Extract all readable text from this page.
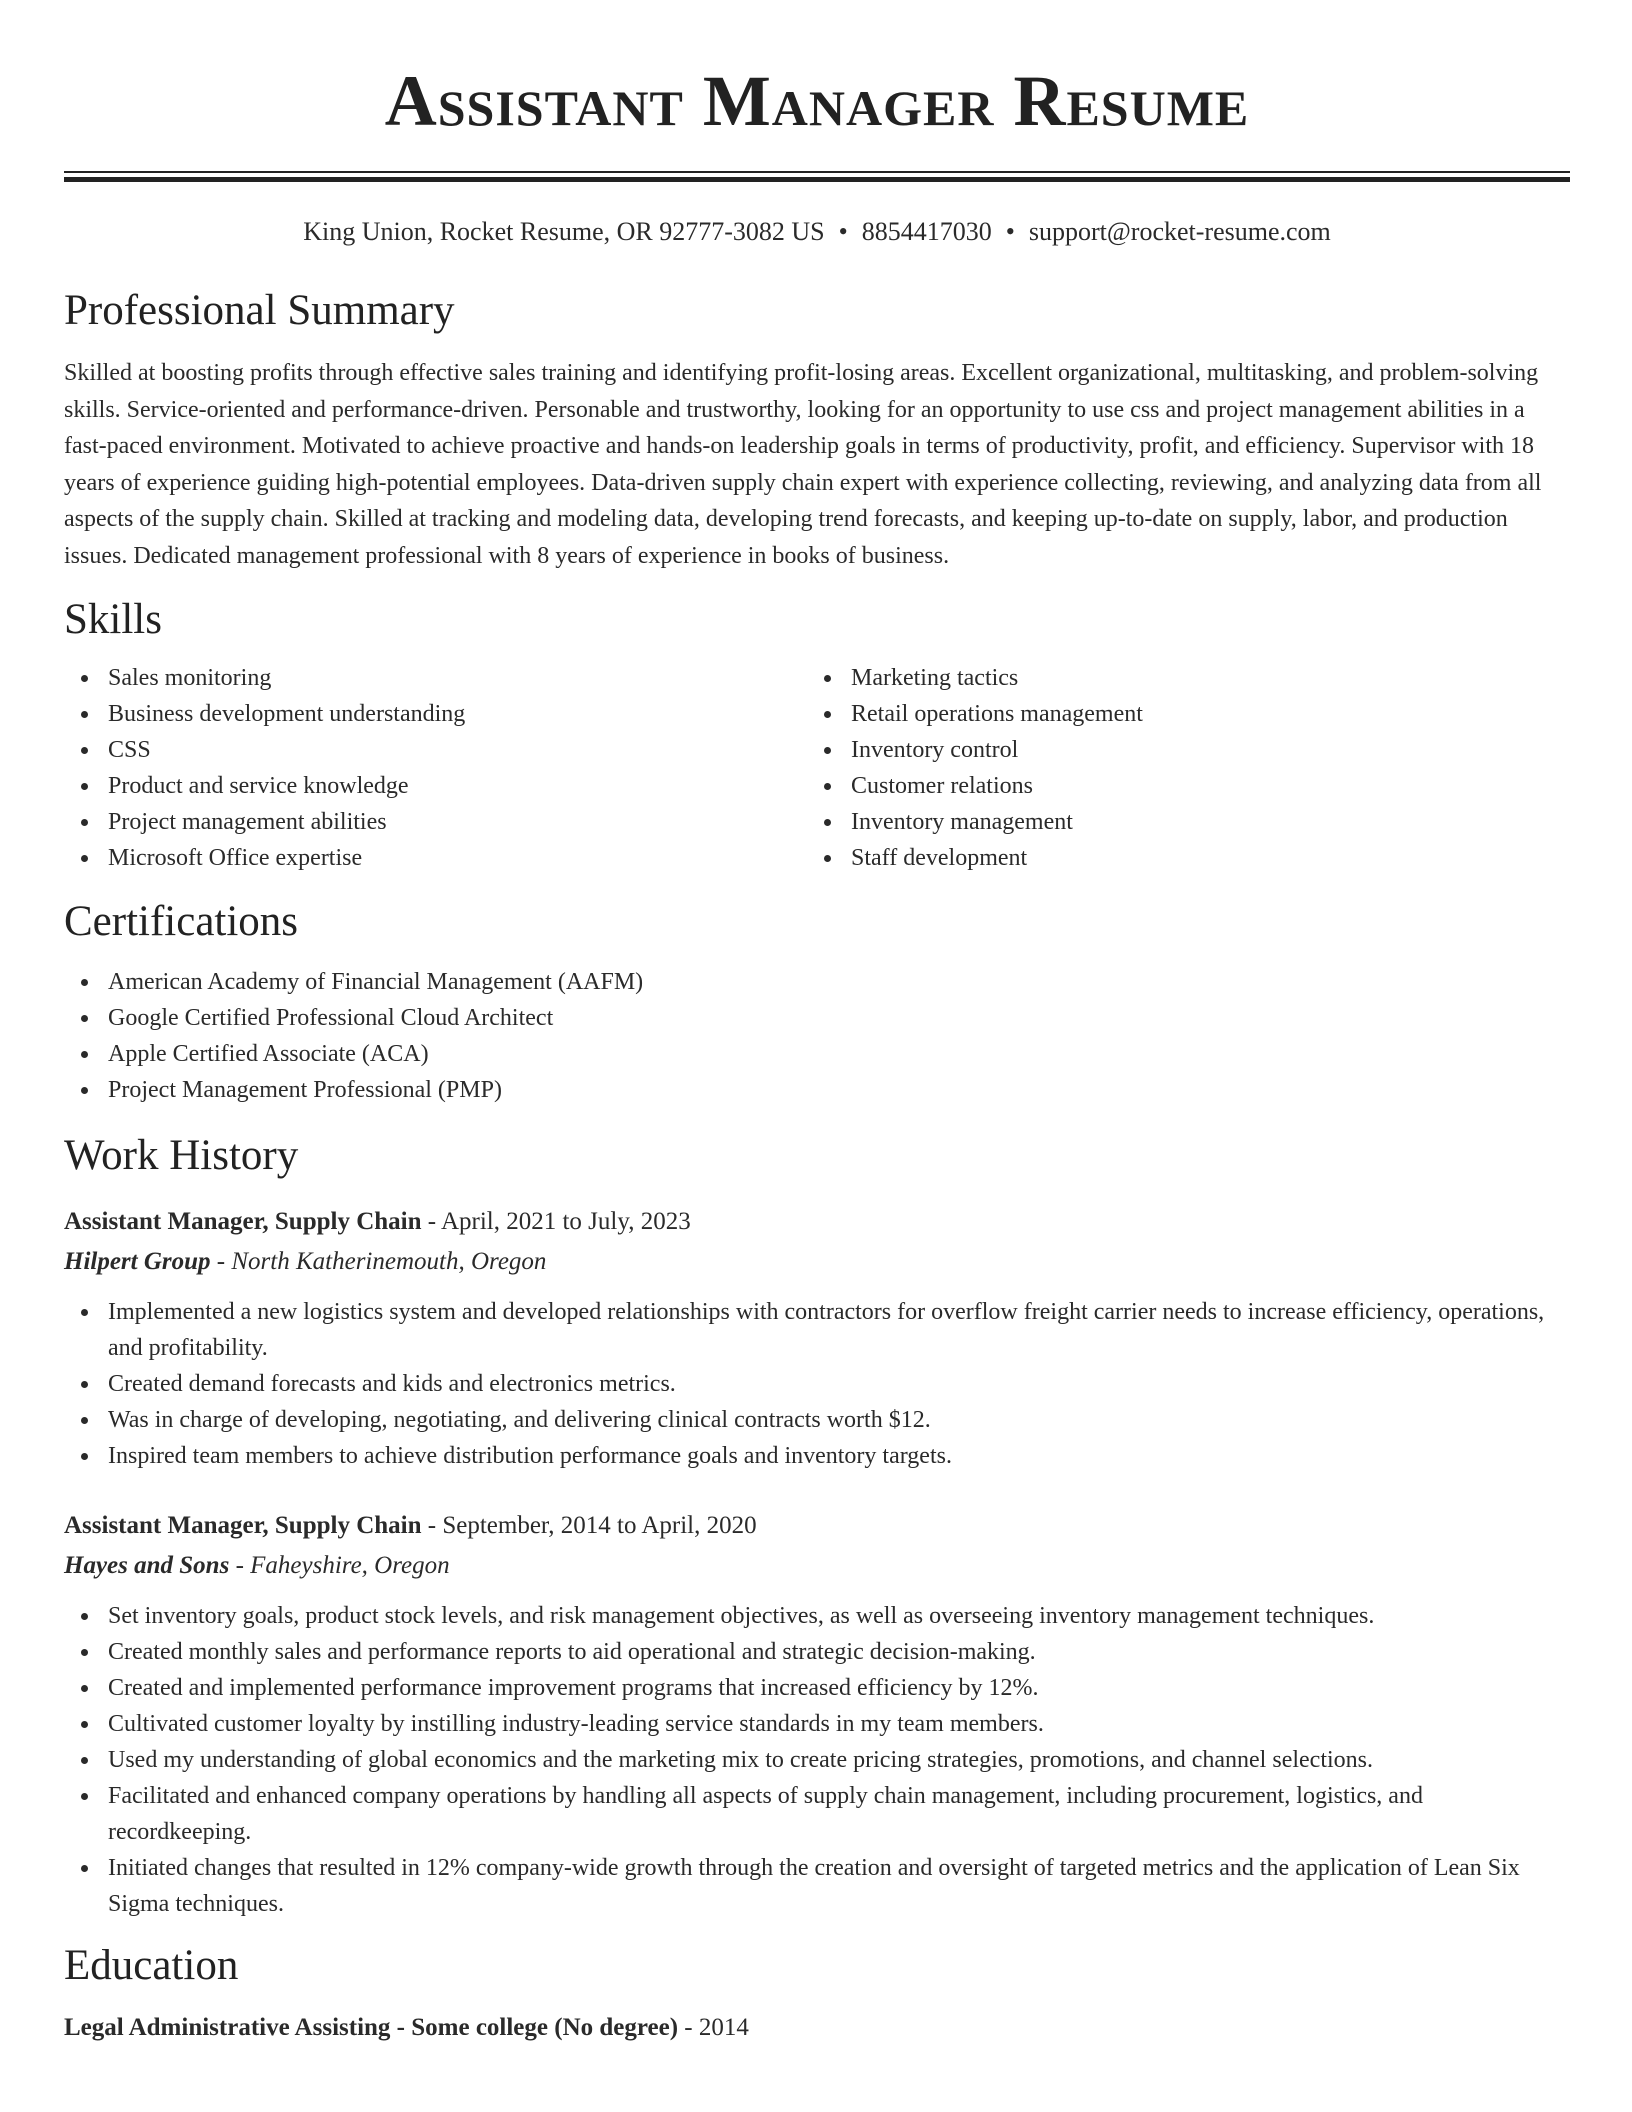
Assistant Manager Resume
King Union, Rocket Resume, OR 92777-3082 US • 8854417030 • support@rocket-resume.com
Professional Summary

Skilled at boosting profits through effective sales training and identifying profit-losing areas. Excellent organizational, multitasking, and problem-solving skills. Service-oriented and performance-driven. Personable and trustworthy, looking for an opportunity to use css and project management abilities in a fast-paced environment. Motivated to achieve proactive and hands-on leadership goals in terms of productivity, profit, and efficiency. Supervisor with 18 years of experience guiding high-potential employees. Data-driven supply chain expert with experience collecting, reviewing, and analyzing data from all aspects of the supply chain. Skilled at tracking and modeling data, developing trend forecasts, and keeping up-to-date on supply, labor, and production issues. Dedicated management professional with 8 years of experience in books of business.

Skills
Sales monitoring
Business development understanding
CSS
Product and service knowledge
Project management abilities
Microsoft Office expertise
Marketing tactics
Retail operations management
Inventory control
Customer relations
Inventory management
Staff development
Certifications
American Academy of Financial Management (AAFM)
Google Certified Professional Cloud Architect
Apple Certified Associate (ACA)
Project Management Professional (PMP)
Work History
Assistant Manager, Supply Chain - April, 2021 to July, 2023
Hilpert Group - North Katherinemouth, Oregon
Implemented a new logistics system and developed relationships with contractors for overflow freight carrier needs to increase efficiency, operations, and profitability.
Created demand forecasts and kids and electronics metrics.
Was in charge of developing, negotiating, and delivering clinical contracts worth $12.
Inspired team members to achieve distribution performance goals and inventory targets.
Assistant Manager, Supply Chain - September, 2014 to April, 2020
Hayes and Sons - Faheyshire, Oregon
Set inventory goals, product stock levels, and risk management objectives, as well as overseeing inventory management techniques.
Created monthly sales and performance reports to aid operational and strategic decision-making.
Created and implemented performance improvement programs that increased efficiency by 12%.
Cultivated customer loyalty by instilling industry-leading service standards in my team members.
Used my understanding of global economics and the marketing mix to create pricing strategies, promotions, and channel selections.
Facilitated and enhanced company operations by handling all aspects of supply chain management, including procurement, logistics, and recordkeeping.
Initiated changes that resulted in 12% company-wide growth through the creation and oversight of targeted metrics and the application of Lean Six Sigma techniques.
Education
Legal Administrative Assisting - Some college (No degree) - 2014
